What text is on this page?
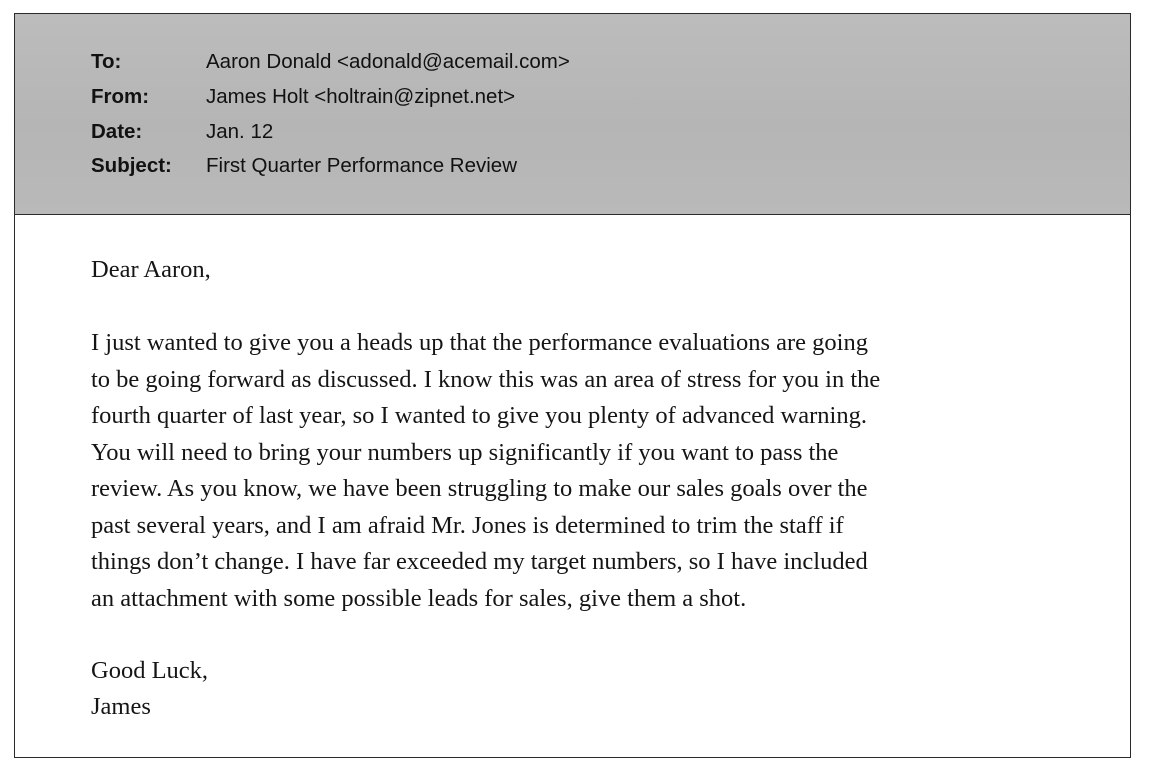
To:	Aaron Donald <adonald@acemail.com>
From:	James Holt <holtrain@zipnet.net>
Date:	Jan. 12
Subject: First Quarter Performance Review
Dear Aaron,
I just wanted to give you a heads up that the performance evaluations are going
to be going forward as discussed. I know this was an area of stress for you in the
fourth quarter of last year, so I wanted to give you plenty of advanced warning.
You will need to bring your numbers up significantly if you want to pass the
review. As you know, we have been struggling to make our sales goals over the
past several years, and I am afraid Mr. Jones is determined to trim the staff if
things don’t change. I have far exceeded my target numbers, so I have included
an attachment with some possible leads for sales, give them a shot.
Good Luck,
James
